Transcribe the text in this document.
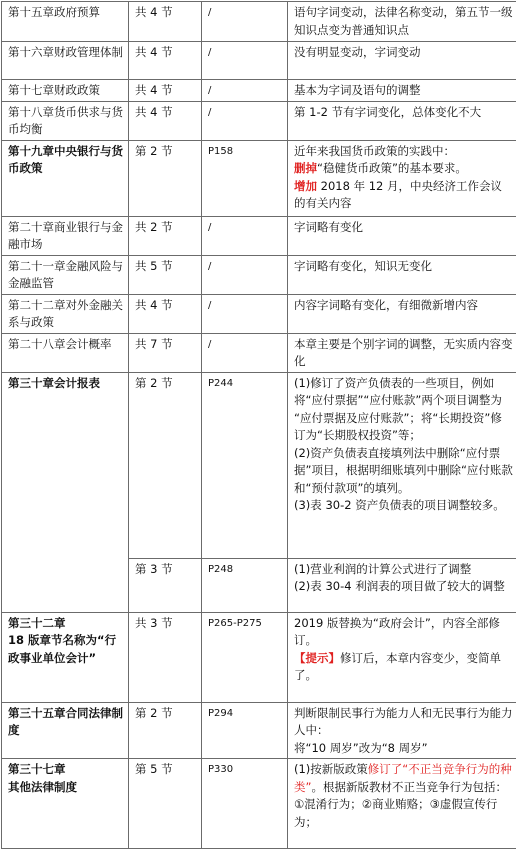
第十五章政府预算	共 4 节	/	语句字词变动，法律名称变动，第五节一级知识点变为普通知识点

第十六章财政管理体制	共 4 节	/	没有明显变动，字词变动

第十七章财政政策	共 4 节	/	基本为字词及语句的调整

第十八章货币供求与货币均衡	共 4 节	/	第 1-2 节有字词变化，总体变化不大

第十九章中央银行与货币政策	第 2 节	P158	近年来我国货币政策的实践中：
删掉“稳健货币政策”的基本要求。
增加 2018 年 12 月，中央经济工作会议的有关内容

第二十章商业银行与金融市场	共 2 节	/	字词略有变化

第二十一章金融风险与金融监管	共 5 节	/	字词略有变化，知识无变化

第二十二章对外金融关系与政策	共 4 节	/	内容字词略有变化，有细微新增内容

第二十八章会计概率	共 7 节	/	本章主要是个别字词的调整，无实质内容变化

第三十章会计报表	第 2 节	P244	(1)修订了资产负债表的一些项目，例如将“应付票据”“应付账款”两个项目调整为
“应付票据及应付账款”；将“长期投资”修订为“长期股权投资”等；
(2)资产负债表直接填列法中删除“应付票据”项目，根据明细账填列中删除“应付账款
和“预付款项”的填列。
(3)表 30-2 资产负债表的项目调整较多。

	第 3 节	P248	(1)营业利润的计算公式进行了调整
(2)表 30-4 利润表的项目做了较大的调整

第三十二章
18 版章节名称为“行政事业单位会计”	共 3 节	P265-P275	2019 版替换为“政府会计”，内容全部修订。
【提示】修订后，本章内容变少，变简单了。

第三十五章合同法律制度	第 2 节	P294	判断限制民事行为能力人和无民事行为能力人中：
将“10 周岁”改为“8 周岁”

第三十七章
其他法律制度	第 5 节	P330	(1)按新版政策修订了“不正当竞争行为的种类”。根据新版教材不正当竞争行为包括：
①混淆行为；②商业贿赂；③虚假宣传行为；
